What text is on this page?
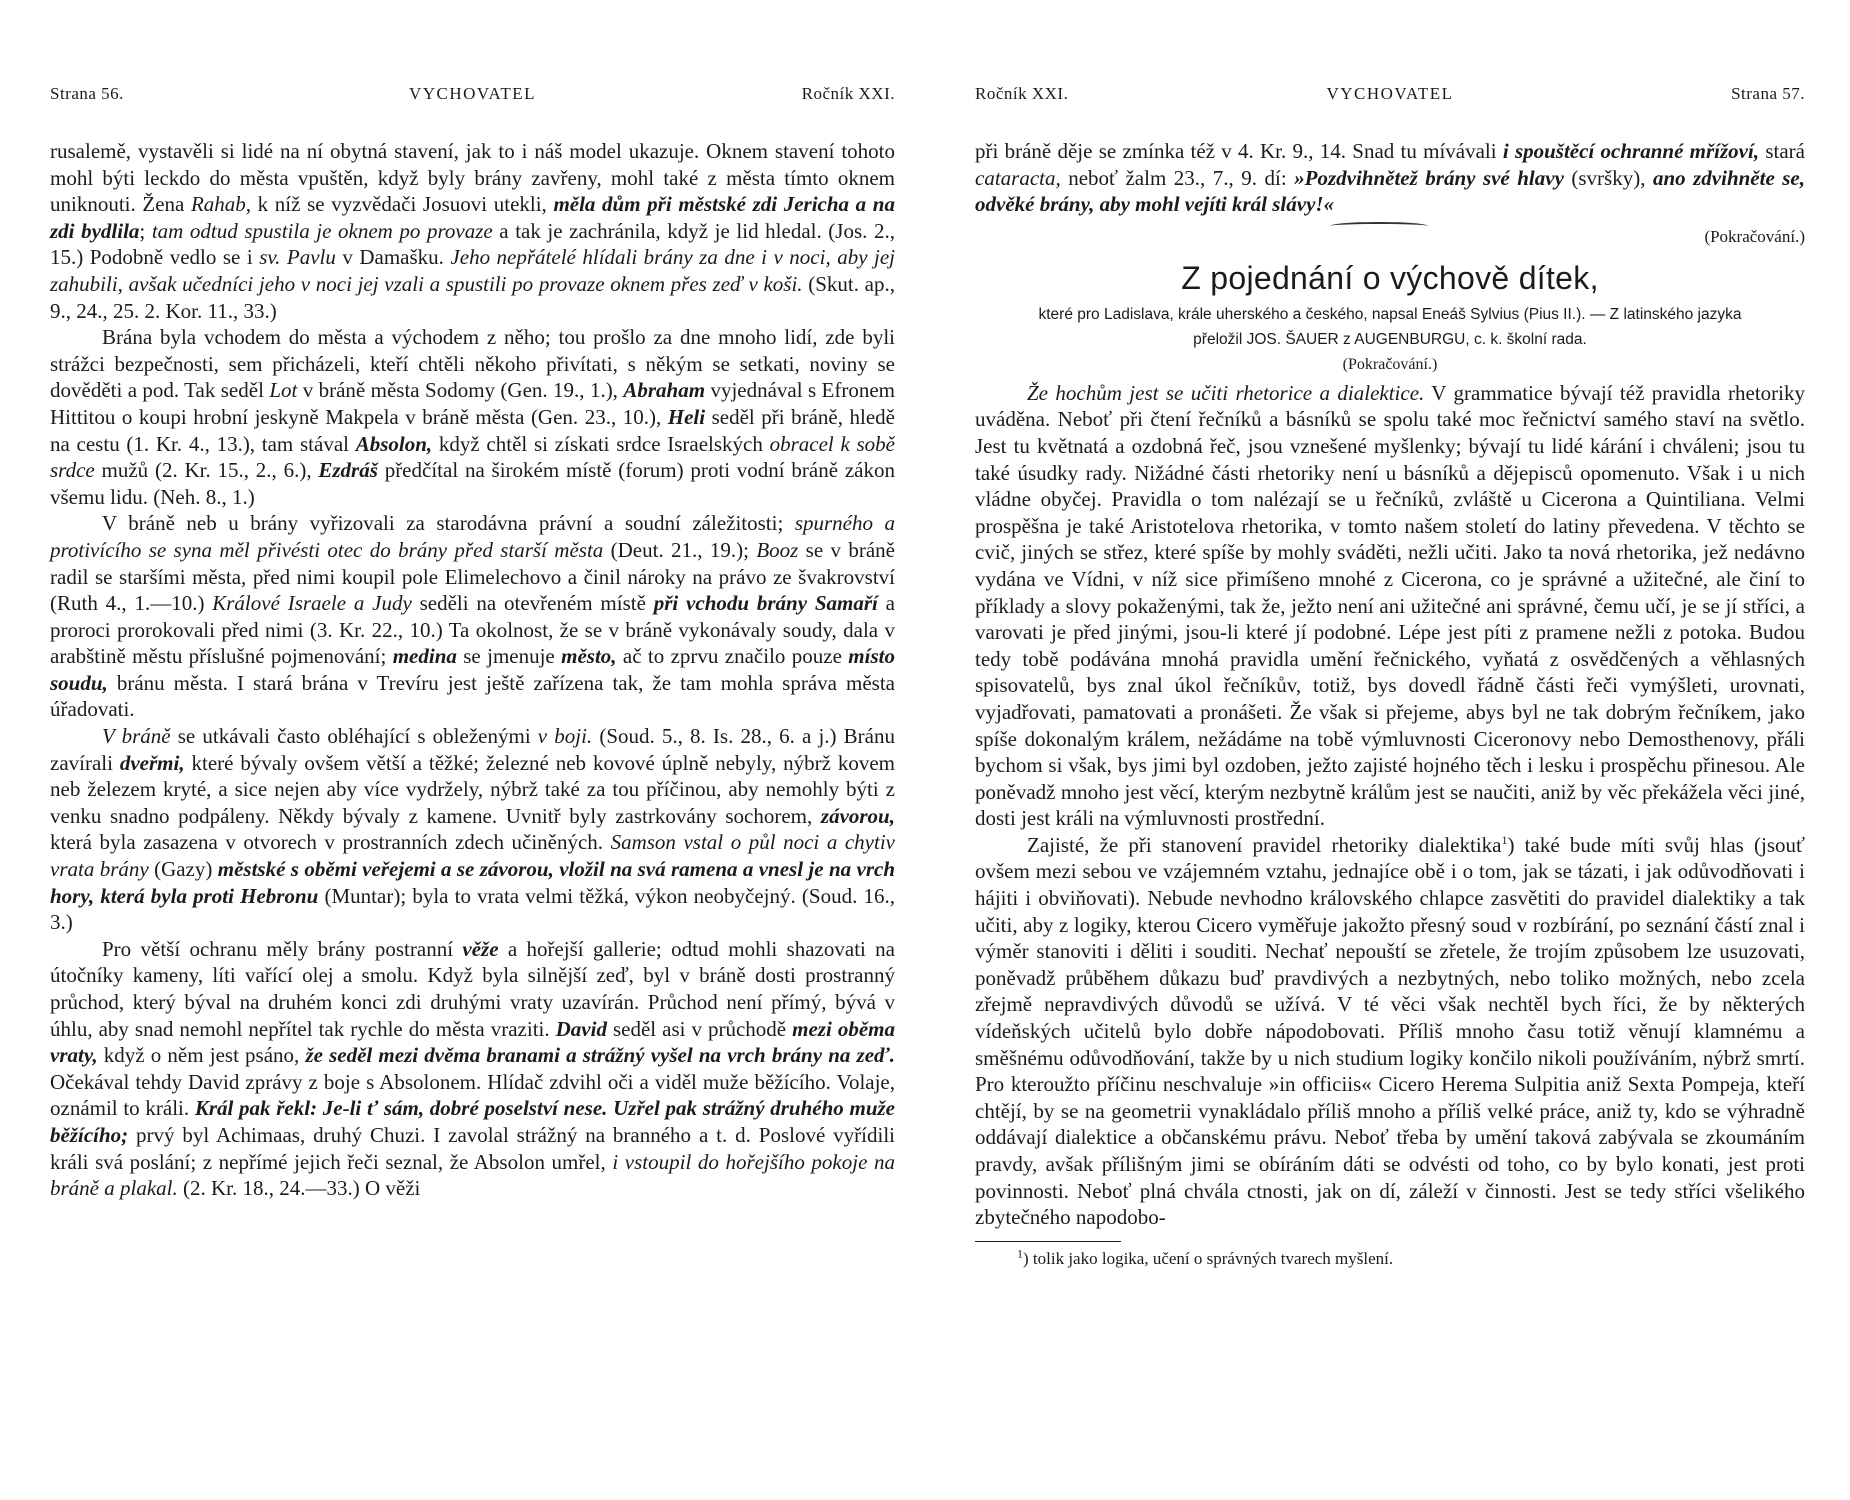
Strana 56.	VYCHOVATEL	Ročník XXI.

rusalemě, vystavěli si lidé na ní obytná stavení, jak to i náš model ukazuje. Oknem stavení tohoto mohl býti leckdo do města vpuštěn, když byly brány zavřeny, mohl také z města tímto oknem uniknouti. Žena Rahab, k níž se vyzvědači Josuovi utekli, měla dům při městské zdi Jericha a na zdi bydlila; tam odtud spustila je oknem po provaze a tak je zachránila, když je lid hledal. (Jos. 2., 15.) Podobně vedlo se i sv. Pavlu v Damašku. Jeho nepřátelé hlídali brány za dne i v noci, aby jej zahubili, avšak učedníci jeho v noci jej vzali a spustili po provaze oknem přes zeď v koši. (Skut. ap., 9., 24., 25. 2. Kor. 11., 33.)

Brána byla vchodem do města a východem z něho; tou prošlo za dne mnoho lidí, zde byli strážci bezpečnosti, sem přicházeli, kteří chtěli někoho přivítati, s někým se setkati, noviny se dověděti a pod. Tak seděl Lot v bráně města Sodomy (Gen. 19., 1.), Abraham vyjednával s Efronem Hittitou o koupi hrobní jeskyně Makpela v bráně města (Gen. 23., 10.), Heli seděl při bráně, hledě na cestu (1. Kr. 4., 13.), tam stával Absolon, když chtěl si získati srdce Israelských obracel k sobě srdce mužů (2. Kr. 15., 2., 6.), Ezdráš předčítal na širokém místě (forum) proti vodní bráně zákon všemu lidu. (Neh. 8., 1.)

V bráně neb u brány vyřizovali za starodávna právní a soudní záležitosti; spurného a protivícího se syna měl přivésti otec do brány před starší města (Deut. 21., 19.); Booz se v bráně radil se staršími města, před nimi koupil pole Elimelechovo a činil nároky na právo ze švakrovství (Ruth 4., 1.—10.) Králové Israele a Judy seděli na otevřeném místě při vchodu brány Samaří a proroci prorokovali před nimi (3. Kr. 22., 10.) Ta okolnost, že se v bráně vykonávaly soudy, dala v arabštině městu příslušné pojmenování; medina se jmenuje město, ač to zprvu značilo pouze místo soudu, bránu města. I stará brána v Trevíru jest ještě zařízena tak, že tam mohla správa města úřadovati.

V bráně se utkávali často obléhající s obleženými v boji. (Soud. 5., 8. Is. 28., 6. a j.) Bránu zavírali dveřmi, které bývaly ovšem větší a těžké; železné neb kovové úplně nebyly, nýbrž kovem neb železem kryté, a sice nejen aby více vydržely, nýbrž také za tou příčinou, aby nemohly býti z venku snadno podpáleny. Někdy bývaly z kamene. Uvnitř byly zastrkovány sochorem, závorou, která byla zasazena v otvorech v prostranních zdech učiněných. Samson vstal o půl noci a chytiv vrata brány (Gazy) městské s oběmi veřejemi a se závorou, vložil na svá ramena a vnesl je na vrch hory, která byla proti Hebronu (Muntar); byla to vrata velmi těžká, výkon neobyčejný. (Soud. 16., 3.)

Pro větší ochranu měly brány postranní věže a hořejší gallerie; odtud mohli shazovati na útočníky kameny, líti vařící olej a smolu. Když byla silnější zeď, byl v bráně dosti prostranný průchod, který býval na druhém konci zdi druhými vraty uzavírán. Průchod není přímý, bývá v úhlu, aby snad nemohl nepřítel tak rychle do města vraziti. David seděl asi v průchodě mezi oběma vraty, když o něm jest psáno, že seděl mezi dvěma branami a strážný vyšel na vrch brány na zeď. Očekával tehdy David zprávy z boje s Absolonem. Hlídač zdvihl oči a viděl muže běžícího. Volaje, oznámil to králi. Král pak řekl: Je-li ť sám, dobré poselství nese. Uzřel pak strážný druhého muže běžícího; prvý byl Achimaas, druhý Chuzi. I zavolal strážný na branného a t. d. Poslové vyřídili králi svá poslání; z nepřímé jejich řeči seznal, že Absolon umřel, i vstoupil do hořejšího pokoje na bráně a plakal. (2. Kr. 18., 24.—33.) O věži

Ročník XXI.	VYCHOVATEL	Strana 57.

při bráně děje se zmínka též v 4. Kr. 9., 14. Snad tu mívávali i spouštěcí ochranné mřížoví, stará cataracta, neboť žalm 23., 7., 9. dí: »Pozdvihnětež brány své hlavy (svršky), ano zdvihněte se, odvěké brány, aby mohl vejíti král slávy!«

(Pokračování.)
Z pojednání o výchově dítek,
které pro Ladislava, krále uherského a českého, napsal Eneáš Sylvius (Pius II.). — Z latinského jazyka
přeložil JOS. ŠAUER z AUGENBURGU, c. k. školní rada.
(Pokračování.)

Že hochům jest se učiti rhetorice a dialektice. V grammatice bývají též pravidla rhetoriky uváděna. Neboť při čtení řečníků a básníků se spolu také moc řečnictví samého staví na světlo. Jest tu květnatá a ozdobná řeč, jsou vznešené myšlenky; bývají tu lidé kárání i chváleni; jsou tu také úsudky rady. Nižádné části rhetoriky není u básníků a dějepisců opomenuto. Však i u nich vládne obyčej. Pravidla o tom nalézají se u řečníků, zvláště u Cicerona a Quintiliana. Velmi prospěšna je také Aristotelova rhetorika, v tomto našem století do latiny převedena. V těchto se cvič, jiných se střez, které spíše by mohly sváděti, nežli učiti. Jako ta nová rhetorika, jež nedávno vydána ve Vídni, v níž sice přimíšeno mnohé z Cicerona, co je správné a užitečné, ale činí to příklady a slovy pokaženými, tak že, ježto není ani užitečné ani správné, čemu učí, je se jí stříci, a varovati je před jinými, jsou-li které jí podobné. Lépe jest píti z pramene nežli z potoka. Budou tedy tobě podávána mnohá pravidla umění řečnického, vyňatá z osvědčených a věhlasných spisovatelů, bys znal úkol řečníkův, totiž, bys dovedl řádně části řeči vymýšleti, urovnati, vyjadřovati, pamatovati a pronášeti. Že však si přejeme, abys byl ne tak dobrým řečníkem, jako spíše dokonalým králem, nežádáme na tobě výmluvnosti Ciceronovy nebo Demosthenovy, přáli bychom si však, bys jimi byl ozdoben, ježto zajisté hojného těch i lesku i prospěchu přinesou. Ale poněvadž mnoho jest věcí, kterým nezbytně králům jest se naučiti, aniž by věc překážela věci jiné, dosti jest králi na výmluvnosti prostřední.

Zajisté, že při stanovení pravidel rhetoriky dialektika$^1$) také bude míti svůj hlas (jsouť ovšem mezi sebou ve vzájemném vztahu, jednajíce obě i o tom, jak se tázati, i jak odůvodňovati i hájiti i obviňovati). Nebude nevhodno královského chlapce zasvětiti do pravidel dialektiky a tak učiti, aby z logiky, kterou Cicero vyměřuje jakožto přesný soud v rozbírání, po seznání částí znal i výměr stanoviti i děliti i souditi. Nechať nepouští se zřetele, že trojím způsobem lze usuzovati, poněvadž průběhem důkazu buď pravdivých a nezbytných, nebo toliko možných, nebo zcela zřejmě nepravdivých důvodů se užívá. V té věci však nechtěl bych říci, že by některých vídeňských učitelů bylo dobře nápodobovati. Příliš mnoho času totiž věnují klamnému a směšnému odůvodňování, takže by u nich studium logiky končilo nikoli používáním, nýbrž smrtí. Pro kteroužto příčinu neschvaluje »in officiis« Cicero Herema Sulpitia aniž Sexta Pompeja, kteří chtějí, by se na geometrii vynakládalo příliš mnoho a příliš velké práce, aniž ty, kdo se výhradně oddávají dialektice a občanskému právu. Neboť třeba by umění taková zabývala se zkoumáním pravdy, avšak přílišným jimi se obíráním dáti se odvésti od toho, co by bylo konati, jest proti povinnosti. Neboť plná chvála ctnosti, jak on dí, záleží v činnosti. Jest se tedy stříci všelikého zbytečného napodobo-

$^1$) tolik jako logika, učení o správných tvarech myšlení.
